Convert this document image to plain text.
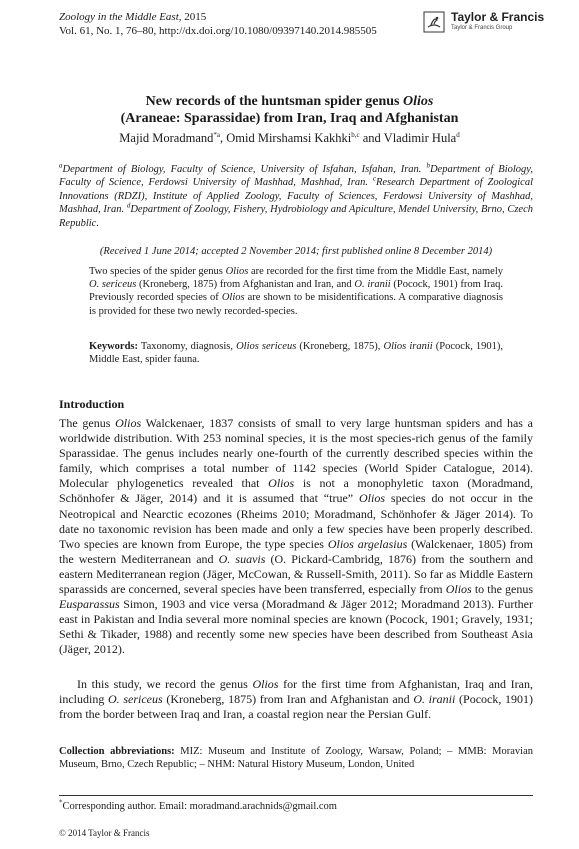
Zoology in the Middle East, 2015
Vol. 61, No. 1, 76–80, http://dx.doi.org/10.1080/09397140.2014.985505
Taylor & Francis
Taylor & Francis Group
New records of the huntsman spider genus Olios
(Araneae: Sparassidae) from Iran, Iraq and Afghanistan
Majid Moradmand$^{*a}$, Omid Mirshamsi Kakhki$^{b,c}$ and Vladimir Hula$^d$
$^a$Department of Biology, Faculty of Science, University of Isfahan, Isfahan, Iran. $^b$Department of Biology, Faculty of Science, Ferdowsi University of Mashhad, Mashhad, Iran. $^c$Research Department of Zoological Innovations (RDZI), Institute of Applied Zoology, Faculty of Sciences, Ferdowsi University of Mashhad, Mashhad, Iran. $^d$Department of Zoology, Fishery, Hydrobiology and Apiculture, Mendel University, Brno, Czech Republic.
(Received 1 June 2014; accepted 2 November 2014; first published online 8 December 2014)
Two species of the spider genus Olios are recorded for the first time from the Middle East, namely O. sericeus (Kroneberg, 1875) from Afghanistan and Iran, and O. iranii (Pocock, 1901) from Iraq. Previously recorded species of Olios are shown to be misidentifications. A comparative diagnosis is provided for these two newly recorded-species.
Keywords: Taxonomy, diagnosis, Olios sericeus (Kroneberg, 1875), Olios iranii (Pocock, 1901), Middle East, spider fauna.
Introduction
The genus Olios Walckenaer, 1837 consists of small to very large huntsman spiders and has a worldwide distribution. With 253 nominal species, it is the most species-rich genus of the family Sparassidae. The genus includes nearly one-fourth of the currently described species within the family, which comprises a total number of 1142 species (World Spider Catalogue, 2014). Molecular phylogenetics revealed that Olios is not a monophyletic taxon (Moradmand, Schönhofer & Jäger, 2014) and it is assumed that “true” Olios species do not occur in the Neotropical and Nearctic ecozones (Rheims 2010; Moradmand, Schönhofer & Jäger 2014). To date no taxonomic revision has been made and only a few species have been properly described. Two species are known from Europe, the type species Olios argelasius (Walckenaer, 1805) from the western Mediterranean and O. suavis (O. Pickard-Cambridg, 1876) from the southern and eastern Mediterranean region (Jäger, McCowan, & Russell-Smith, 2011). So far as Middle Eastern sparassids are concerned, several species have been transferred, especially from Olios to the genus Eusparassus Simon, 1903 and vice versa (Moradmand & Jäger 2012; Moradmand 2013). Further east in Pakistan and India several more nominal species are known (Pocock, 1901; Gravely, 1931; Sethi & Tikader, 1988) and recently some new species have been described from Southeast Asia (Jäger, 2012).
In this study, we record the genus Olios for the first time from Afghanistan, Iraq and Iran, including O. sericeus (Kroneberg, 1875) from Iran and Afghanistan and O. iranii (Pocock, 1901) from the border between Iraq and Iran, a coastal region near the Persian Gulf.
Collection abbreviations: MIZ: Museum and Institute of Zoology, Warsaw, Poland; – MMB: Moravian Museum, Brno, Czech Republic; – NHM: Natural History Museum, London, United
*Corresponding author. Email: moradmand.arachnids@gmail.com
© 2014 Taylor & Francis
